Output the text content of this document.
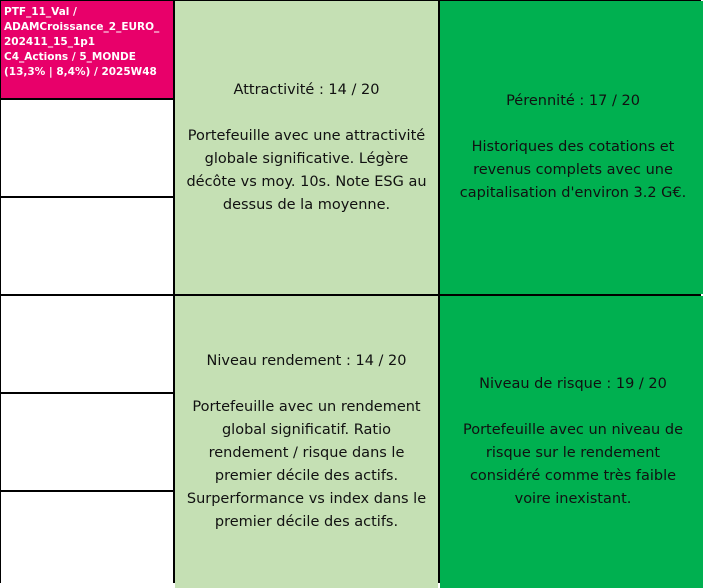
PTF_11_Val /
ADAMCroissance_2_EURO_
202411_15_1p1
C4_Actions / 5_MONDE
(13,3% | 8,4%) / 2025W48
Attractivité : 14 / 20
Portefeuille avec une attractivité
globale significative. Légère
décôte vs moy. 10s. Note ESG au
dessus de la moyenne.
Pérennité : 17 / 20
Historiques des cotations et
revenus complets avec une
capitalisation d'environ 3.2 G€.
Niveau rendement : 14 / 20
Portefeuille avec un rendement
global significatif. Ratio
rendement / risque dans le
premier décile des actifs.
Surperformance vs index dans le
premier décile des actifs.
Niveau de risque : 19 / 20
Portefeuille avec un niveau de
risque sur le rendement
considéré comme très faible
voire inexistant.
